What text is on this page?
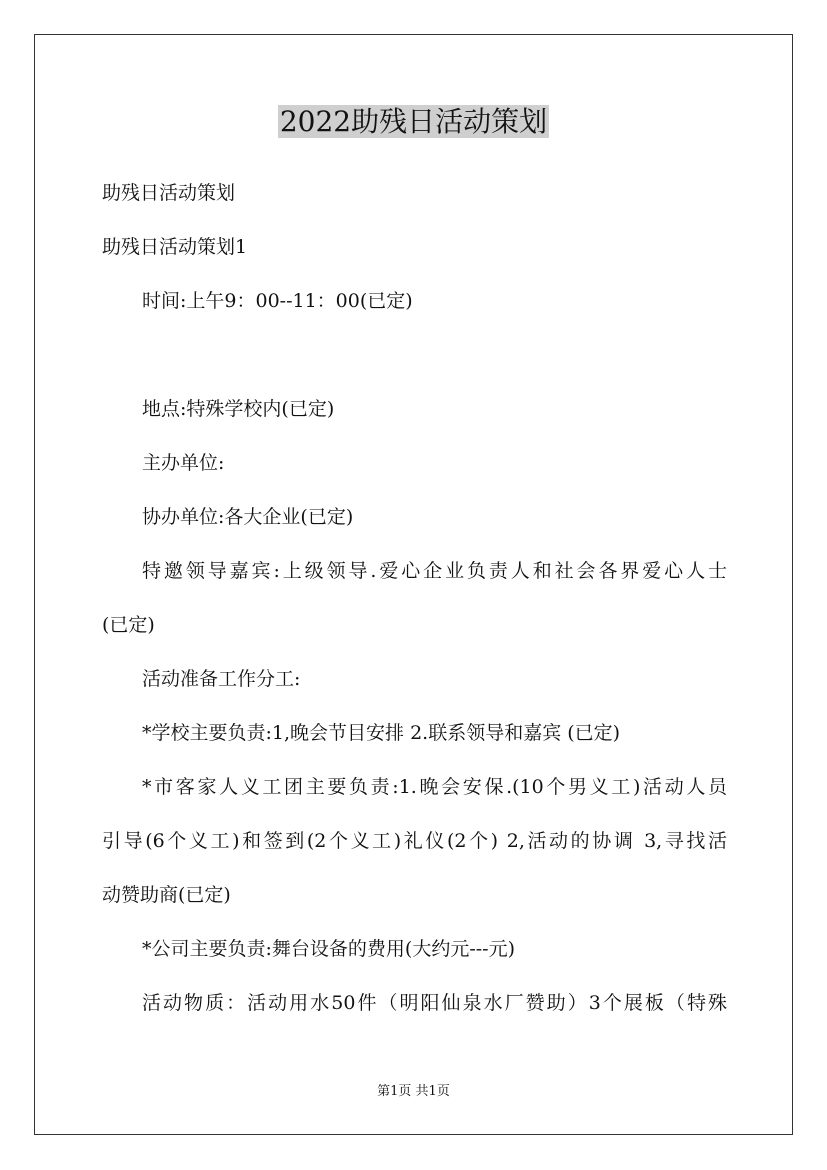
2022助残日活动策划

助残日活动策划

助残日活动策划1

时间:上午9：00--11：00(已定)

地点:特殊学校内(已定)

主办单位:

协办单位:各大企业(已定)

特邀领导嘉宾:上级领导.爱心企业负责人和社会各界爱心人士

(已定)

活动准备工作分工:

*学校主要负责:1,晚会节目安排 2.联系领导和嘉宾 (已定)

*市客家人义工团主要负责:1.晚会安保.(10个男义工)活动人员

引导(6个义工)和签到(2个义工)礼仪(2个) 2,活动的协调 3,寻找活

动赞助商(已定)

*公司主要负责:舞台设备的费用(大约元---元)

活动物质：活动用水50件（明阳仙泉水厂赞助）3个展板（特殊

第1页 共1页
